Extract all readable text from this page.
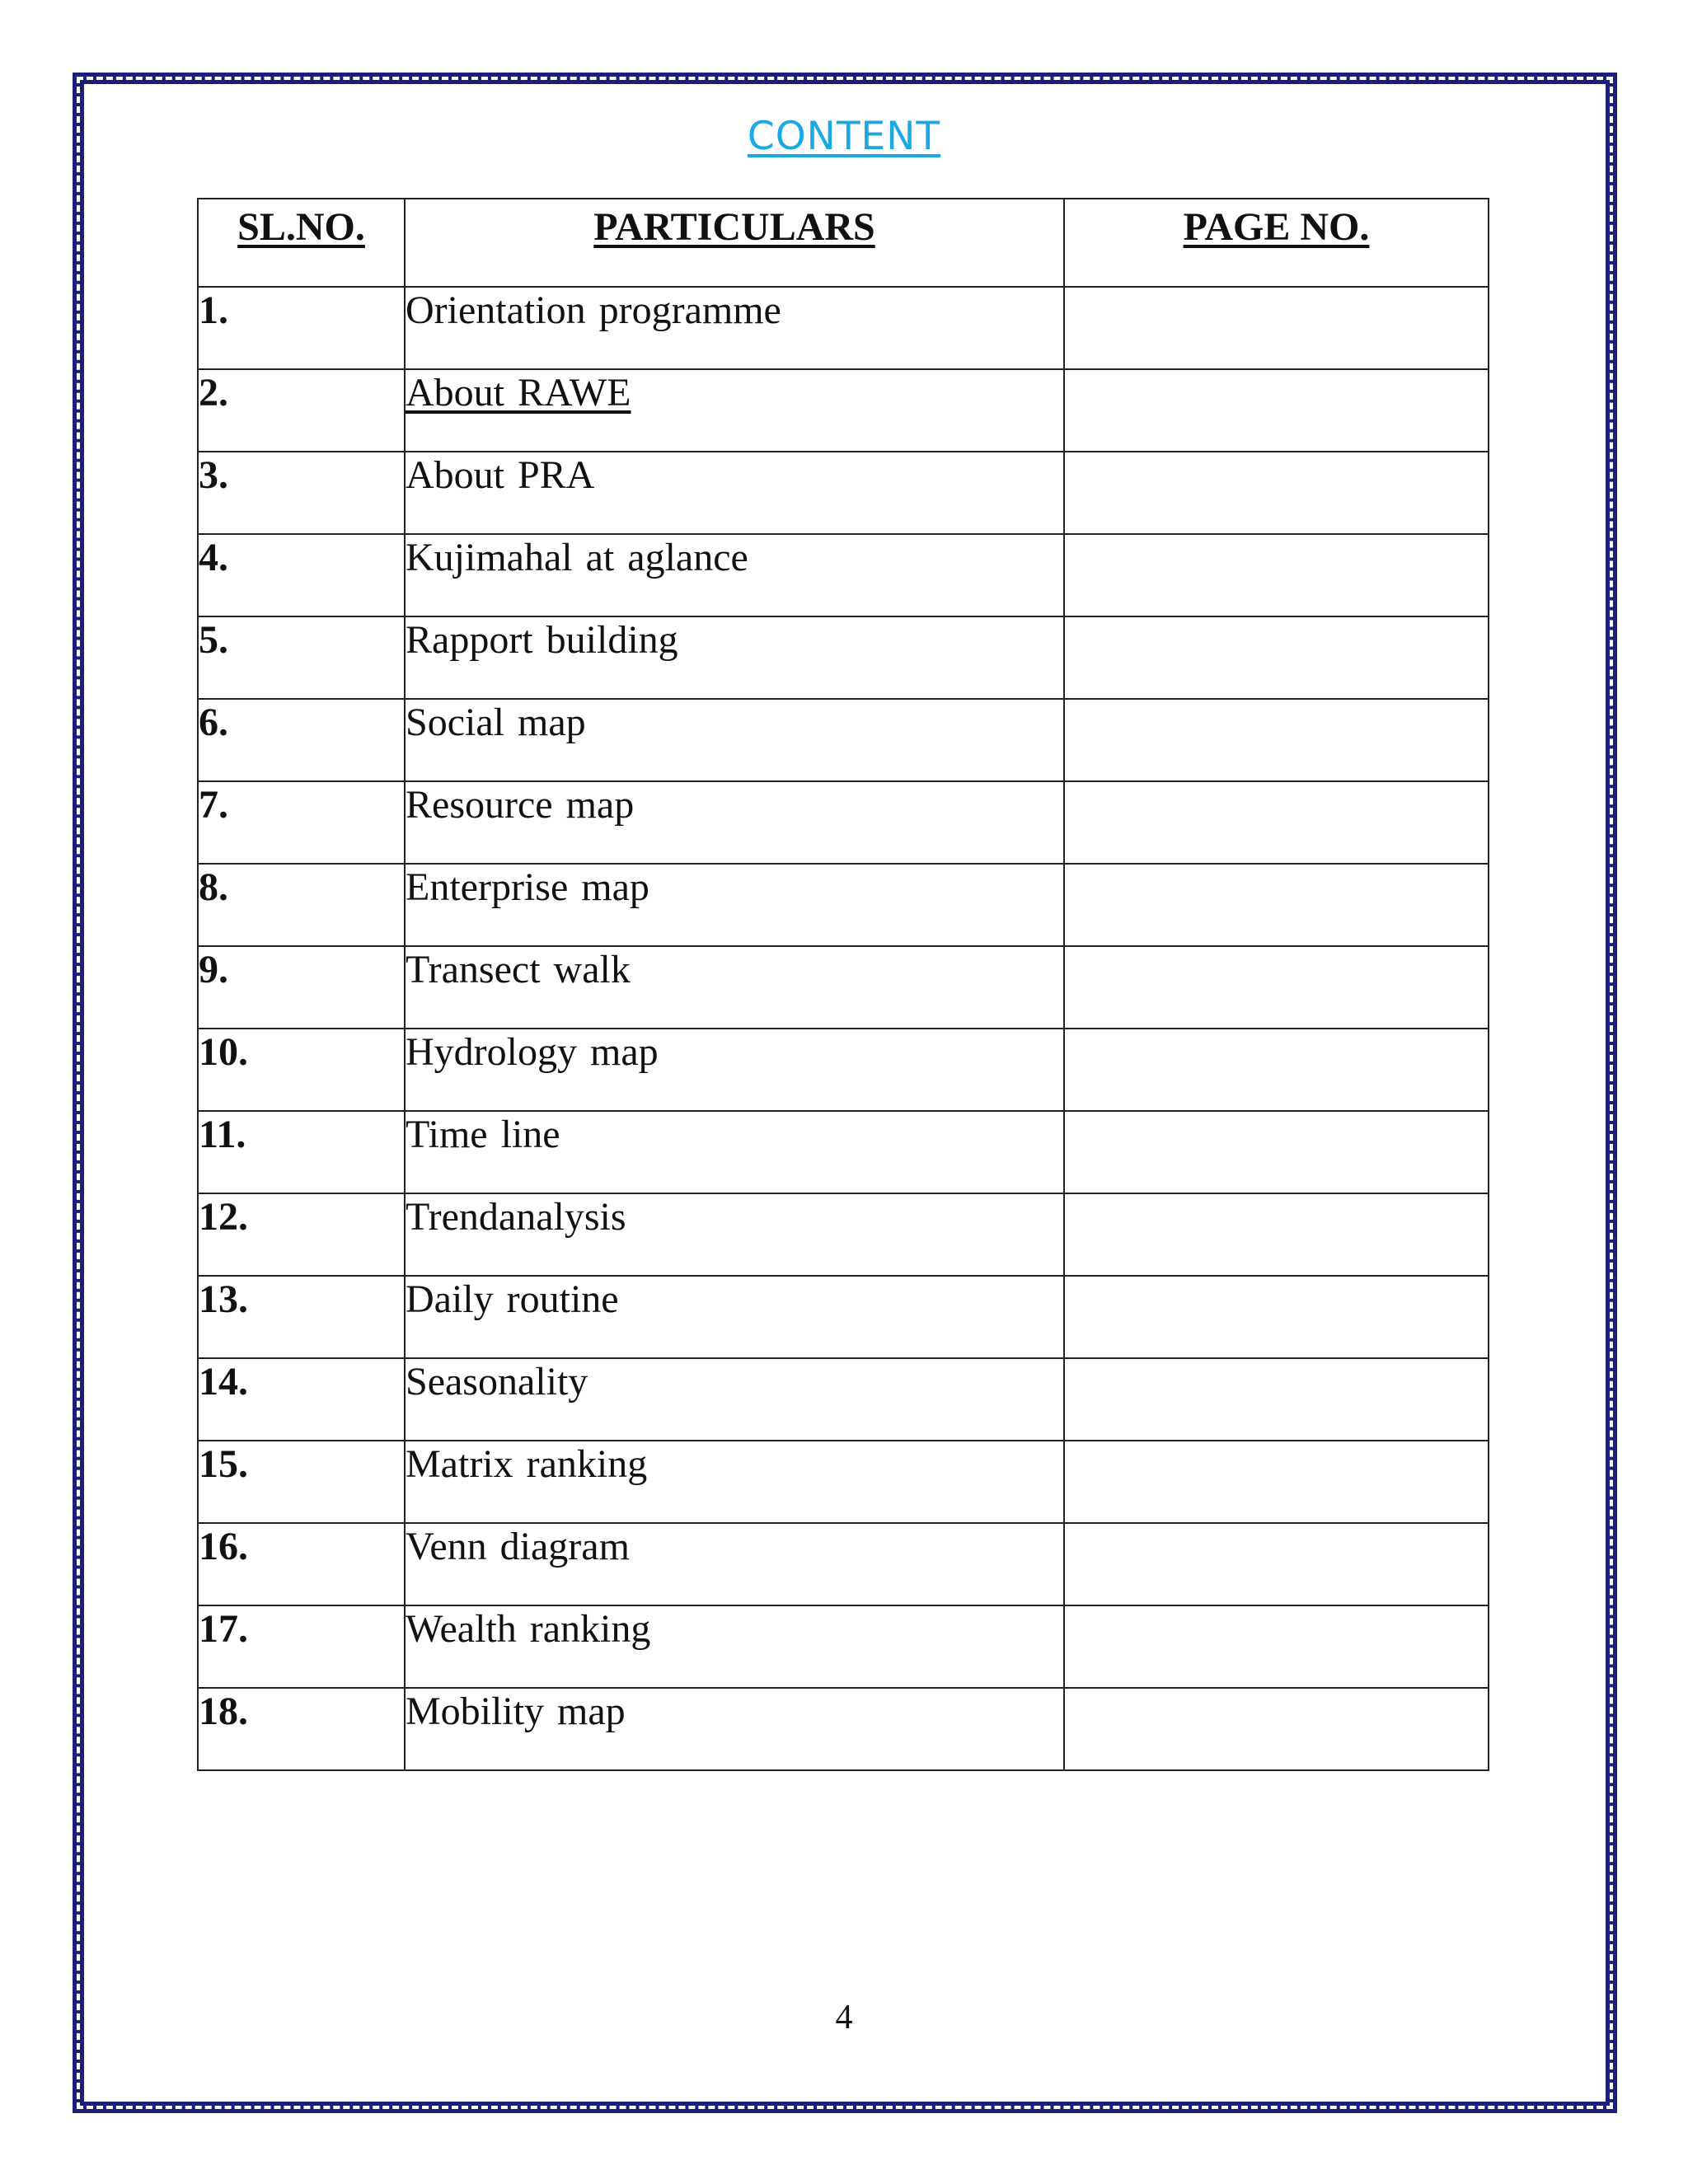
CONTENT
SL.NO.	PARTICULARS	PAGE NO.
1.	Orientation programme	
2.	About RAWE	
3.	About PRA	
4.	Kujimahal at aglance	
5.	Rapport building	
6.	Social map	
7.	Resource map	
8.	Enterprise map	
9.	Transect walk	
10.	Hydrology map	
11.	Time line	
12.	Trendanalysis	
13.	Daily routine	
14.	Seasonality	
15.	Matrix ranking	
16.	Venn diagram	
17.	Wealth ranking	
18.	Mobility map	
4
